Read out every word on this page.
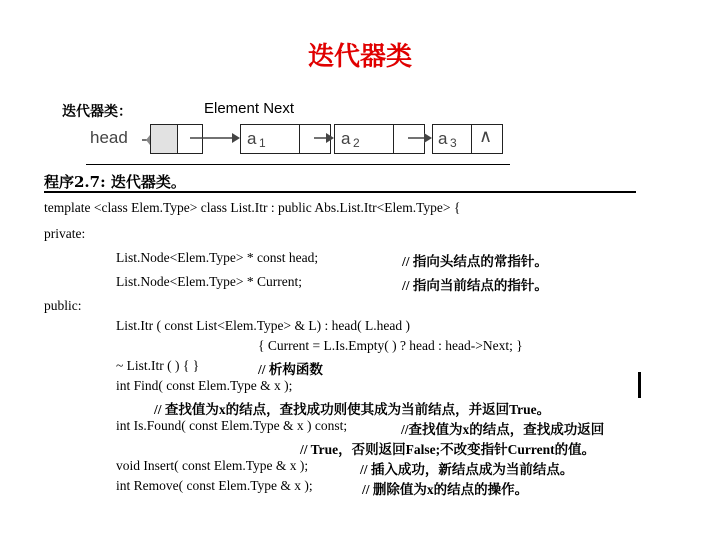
迭代器类
迭代器类：	Element Next
head	a 1	a 2	a 3 ∧
程序2.7: 迭代器类。
template <class Elem.Type> class List.Itr : public Abs.List.Itr<Elem.Type> {
private:
List.Node<Elem.Type> * const head;	// 指向头结点的常指针。
List.Node<Elem.Type> * Current;	// 指向当前结点的指针。
public:
List.Itr ( const List<Elem.Type> & L) : head( L.head )
{ Current = L.Is.Empty( ) ? head : head->Next; }
~ List.Itr ( ) { }	// 析构函数
int Find( const Elem.Type & x );
// 查找值为x的结点，查找成功则使其成为当前结点，并返回True。
int Is.Found( const Elem.Type & x ) const;	//查找值为x的结点，查找成功返回
// True，否则返回False;不改变指针Current的值。
void Insert( const Elem.Type & x );	// 插入成功，新结点成为当前结点。
int Remove( const Elem.Type & x );	// 删除值为x的结点的操作。
